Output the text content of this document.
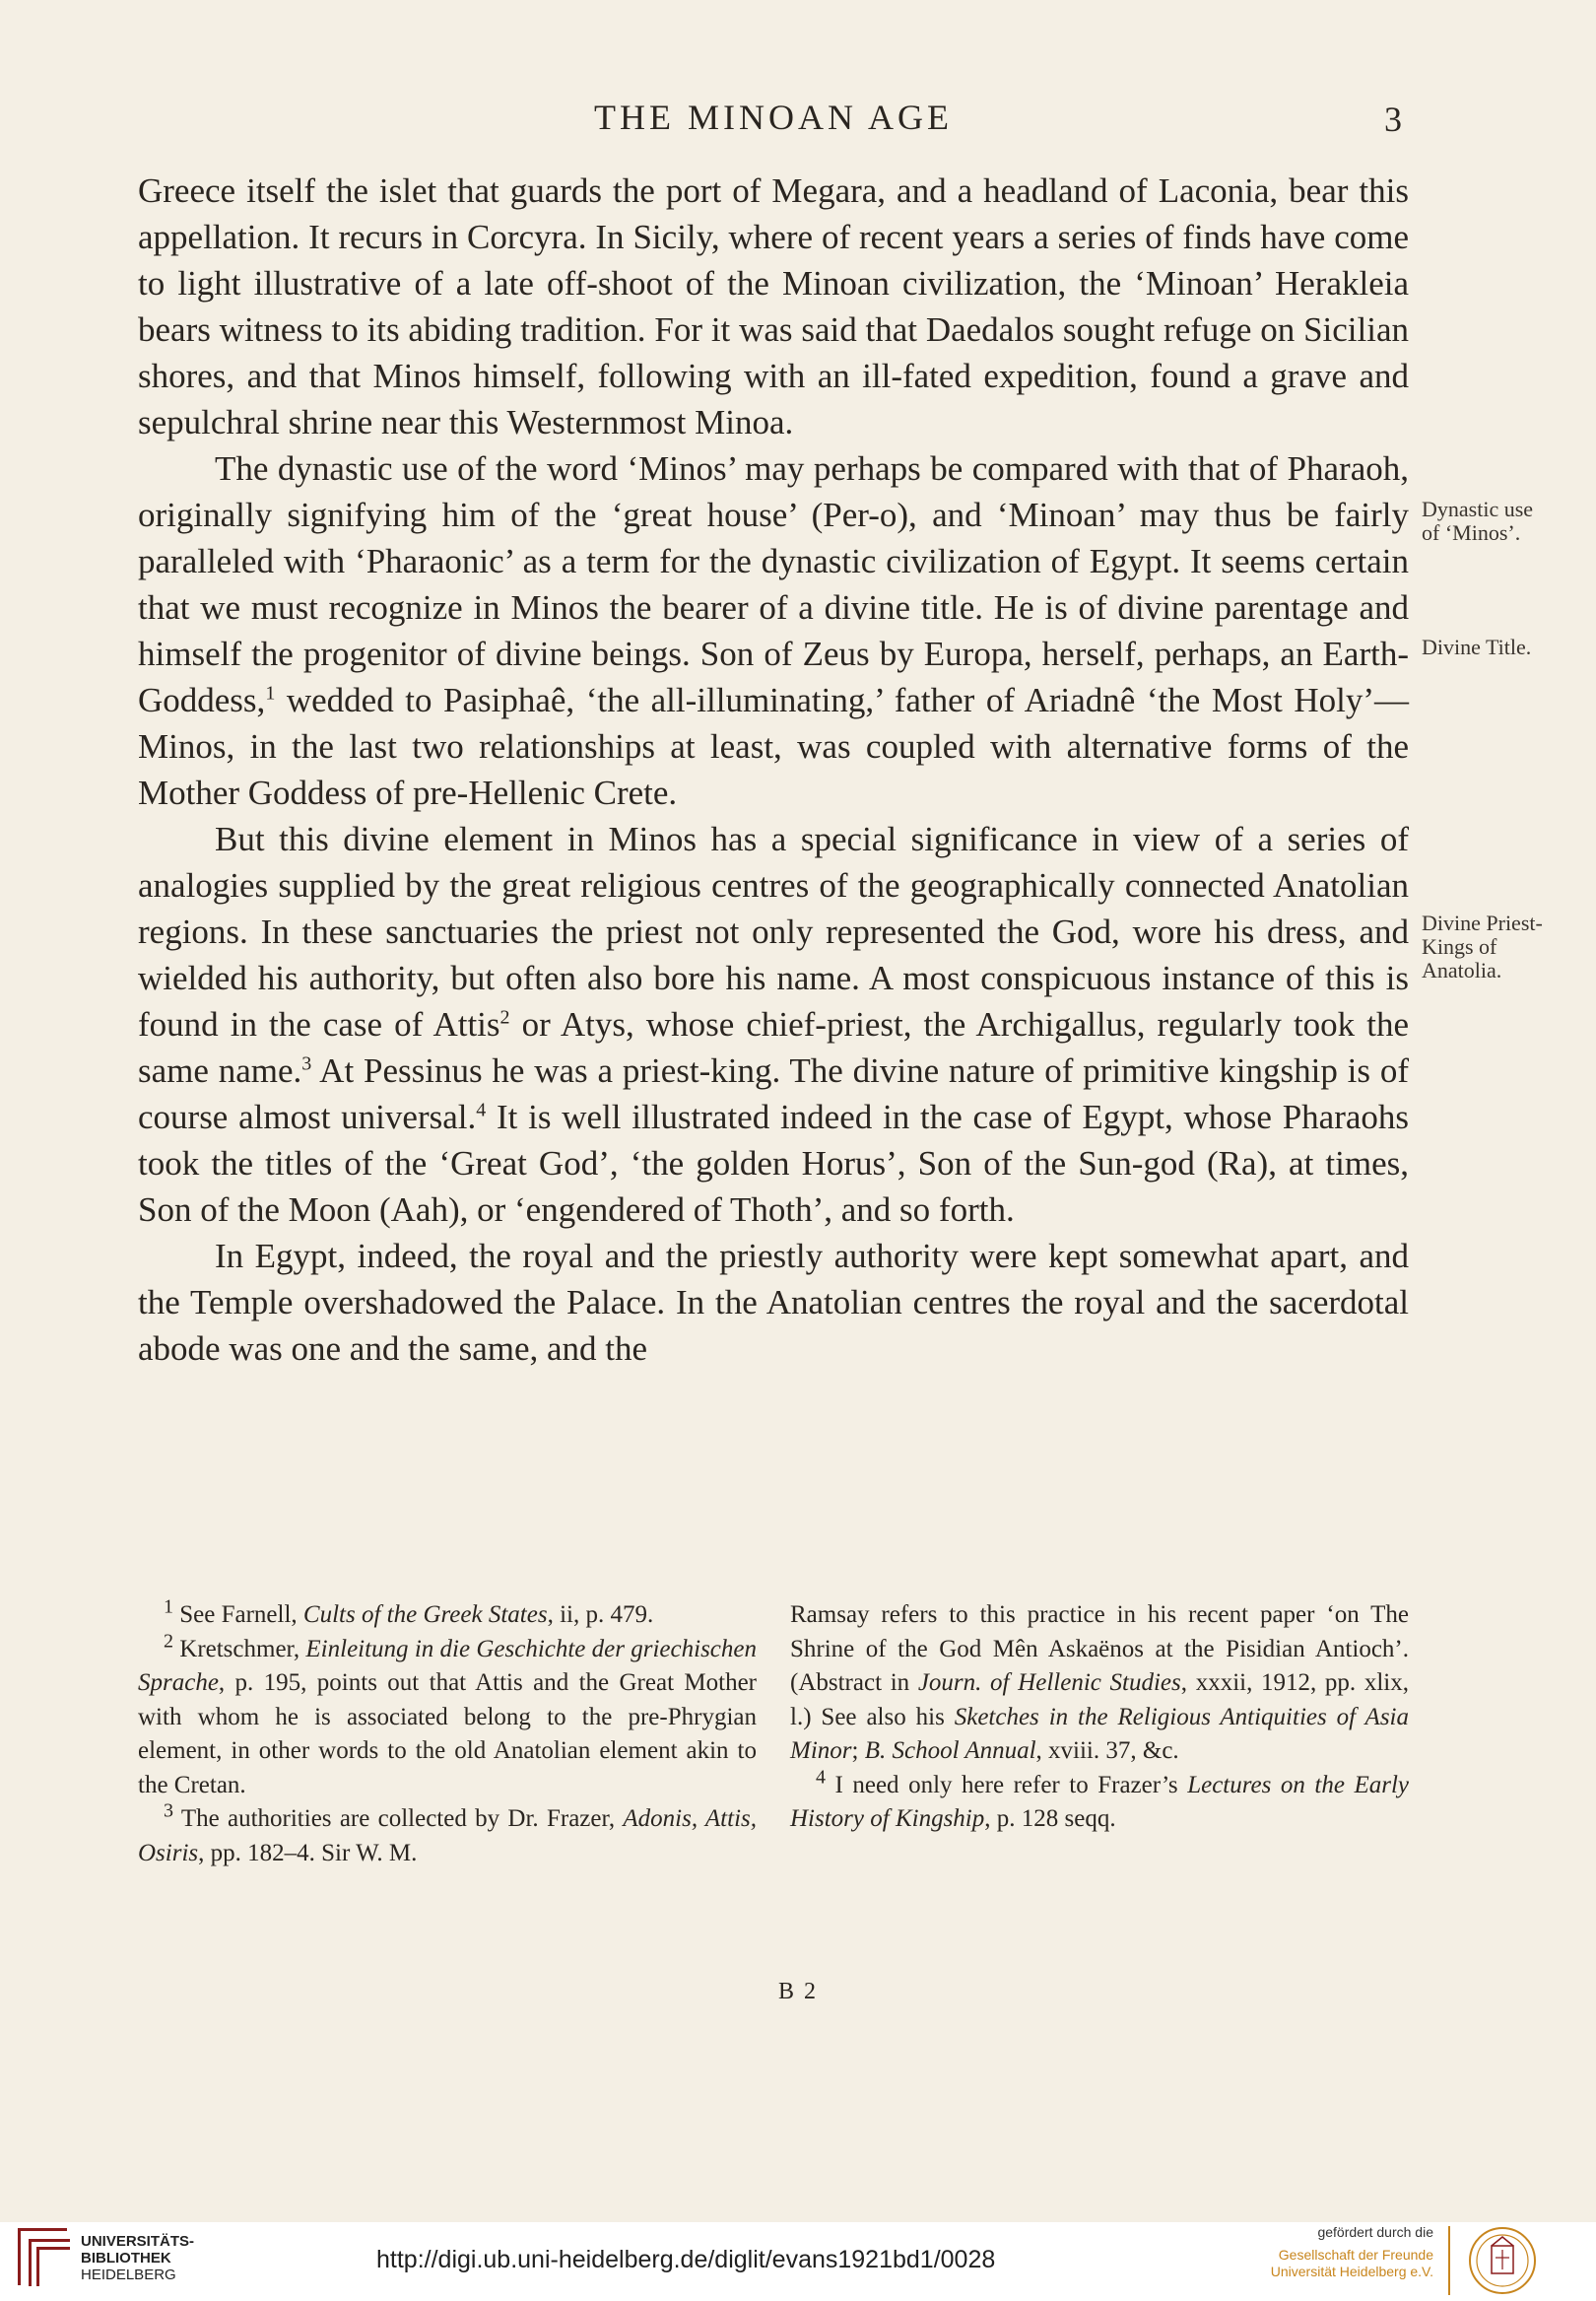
THE MINOAN AGE	3

Greece itself the islet that guards the port of Megara, and a headland of Laconia, bear this appellation. It recurs in Corcyra. In Sicily, where of recent years a series of finds have come to light illustrative of a late off-shoot of the Minoan civilization, the ‘Minoan’ Herakleia bears witness to its abiding tradition. For it was said that Daedalos sought refuge on Sicilian shores, and that Minos himself, following with an ill-fated expedition, found a grave and sepulchral shrine near this Westernmost Minoa.

The dynastic use of the word ‘Minos’ may perhaps be compared with that of Pharaoh, originally signifying him of the ‘great house’ (Per-o), and ‘Minoan’ may thus be fairly paralleled with ‘Pharaonic’ as a term for the dynastic civilization of Egypt. It seems certain that we must recognize in Minos the bearer of a divine title. He is of divine parentage and himself the progenitor of divine beings. Son of Zeus by Europa, herself, perhaps, an Earth-Goddess,$^1$ wedded to Pasiphaê, ‘the all-illuminating,’ father of Ariadnê ‘the Most Holy’—Minos, in the last two relationships at least, was coupled with alternative forms of the Mother Goddess of pre-Hellenic Crete.

But this divine element in Minos has a special significance in view of a series of analogies supplied by the great religious centres of the geographically connected Anatolian regions. In these sanctuaries the priest not only represented the God, wore his dress, and wielded his authority, but often also bore his name. A most conspicuous instance of this is found in the case of Attis$^2$ or Atys, whose chief-priest, the Archigallus, regularly took the same name.$^3$ At Pessinus he was a priest-king. The divine nature of primitive kingship is of course almost universal.$^4$ It is well illustrated indeed in the case of Egypt, whose Pharaohs took the titles of the ‘Great God’, ‘the golden Horus’, Son of the Sun-god (Ra), at times, Son of the Moon (Aah), or ‘engendered of Thoth’, and so forth.

In Egypt, indeed, the royal and the priestly authority were kept somewhat apart, and the Temple overshadowed the Palace. In the Anatolian centres the royal and the sacerdotal abode was one and the same, and the

Dynastic use of ‘Minos’.
Divine Title.
Divine Priest-Kings of Anatolia.

$^1$ See Farnell, Cults of the Greek States, ii, p. 479.

$^2$ Kretschmer, Einleitung in die Geschichte der griechischen Sprache, p. 195, points out that Attis and the Great Mother with whom he is associated belong to the pre-Phrygian element, in other words to the old Anatolian element akin to the Cretan.

$^3$ The authorities are collected by Dr. Frazer, Adonis, Attis, Osiris, pp. 182–4. Sir W. M.

Ramsay refers to this practice in his recent paper ‘on The Shrine of the God Mên Askaënos at the Pisidian Antioch’. (Abstract in Journ. of Hellenic Studies, xxxii, 1912, pp. xlix, l.) See also his Sketches in the Religious Antiquities of Asia Minor; B. School Annual, xviii. 37, &c.

$^4$ I need only here refer to Frazer’s Lectures on the Early History of Kingship, p. 128 seqq.

B 2
UNIVERSITÄTS-
BIBLIOTHEK
HEIDELBERG
http://digi.ub.uni-heidelberg.de/diglit/evans1921bd1/0028
gefördert durch die
Gesellschaft der Freunde
Universität Heidelberg e.V.
